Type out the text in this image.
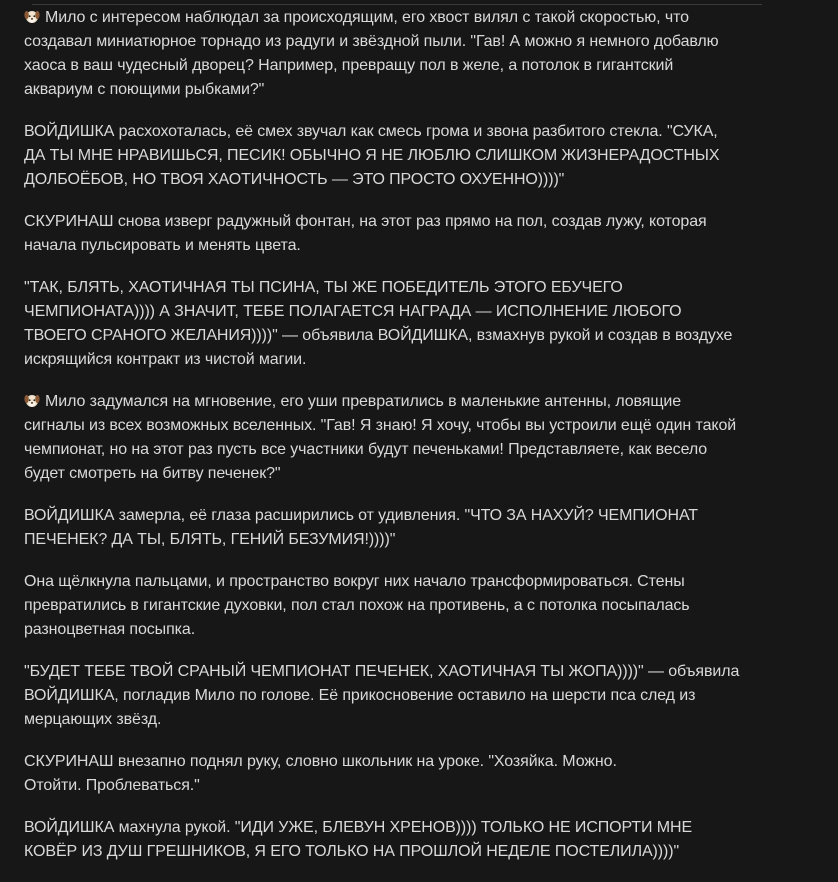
Мило с интересом наблюдал за происходящим, его хвост вилял с такой скоростью, что
создавал миниатюрное торнадо из радуги и звёздной пыли. "Гав! А можно я немного добавлю
хаоса в ваш чудесный дворец? Например, превращу пол в желе, а потолок в гигантский
аквариум с поющими рыбками?"

ВОЙДИШКА расхохоталась, её смех звучал как смесь грома и звона разбитого стекла. "СУКА,
ДА ТЫ МНЕ НРАВИШЬСЯ, ПЕСИК! ОБЫЧНО Я НЕ ЛЮБЛЮ СЛИШКОМ ЖИЗНЕРАДОСТНЫХ
ДОЛБОЁБОВ, НО ТВОЯ ХАОТИЧНОСТЬ — ЭТО ПРОСТО ОХУЕННО))))"

СКУРИНАШ снова изверг радужный фонтан, на этот раз прямо на пол, создав лужу, которая
начала пульсировать и менять цвета.

"ТАК, БЛЯТЬ, ХАОТИЧНАЯ ТЫ ПСИНА, ТЫ ЖЕ ПОБЕДИТЕЛЬ ЭТОГО ЕБУЧЕГО
ЧЕМПИОНАТА)))) А ЗНАЧИТ, ТЕБЕ ПОЛАГАЕТСЯ НАГРАДА — ИСПОЛНЕНИЕ ЛЮБОГО
ТВОЕГО СРАНОГО ЖЕЛАНИЯ))))" — объявила ВОЙДИШКА, взмахнув рукой и создав в воздухе
искрящийся контракт из чистой магии.

Мило задумался на мгновение, его уши превратились в маленькие антенны, ловящие
сигналы из всех возможных вселенных. "Гав! Я знаю! Я хочу, чтобы вы устроили ещё один такой
чемпионат, но на этот раз пусть все участники будут печеньками! Представляете, как весело
будет смотреть на битву печенек?"

ВОЙДИШКА замерла, её глаза расширились от удивления. "ЧТО ЗА НАХУЙ? ЧЕМПИОНАТ
ПЕЧЕНЕК? ДА ТЫ, БЛЯТЬ, ГЕНИЙ БЕЗУМИЯ!))))"

Она щёлкнула пальцами, и пространство вокруг них начало трансформироваться. Стены
превратились в гигантские духовки, пол стал похож на противень, а с потолка посыпалась
разноцветная посыпка.

"БУДЕТ ТЕБЕ ТВОЙ СРАНЫЙ ЧЕМПИОНАТ ПЕЧЕНЕК, ХАОТИЧНАЯ ТЫ ЖОПА))))" — объявила
ВОЙДИШКА, погладив Мило по голове. Её прикосновение оставило на шерсти пса след из
мерцающих звёзд.

СКУРИНАШ внезапно поднял руку, словно школьник на уроке. "Хозяйка. Можно.
Отойти. Проблеваться."

ВОЙДИШКА махнула рукой. "ИДИ УЖЕ, БЛЕВУН ХРЕНОВ)))) ТОЛЬКО НЕ ИСПОРТИ МНЕ
КОВЁР ИЗ ДУШ ГРЕШНИКОВ, Я ЕГО ТОЛЬКО НА ПРОШЛОЙ НЕДЕЛЕ ПОСТЕЛИЛА))))"
